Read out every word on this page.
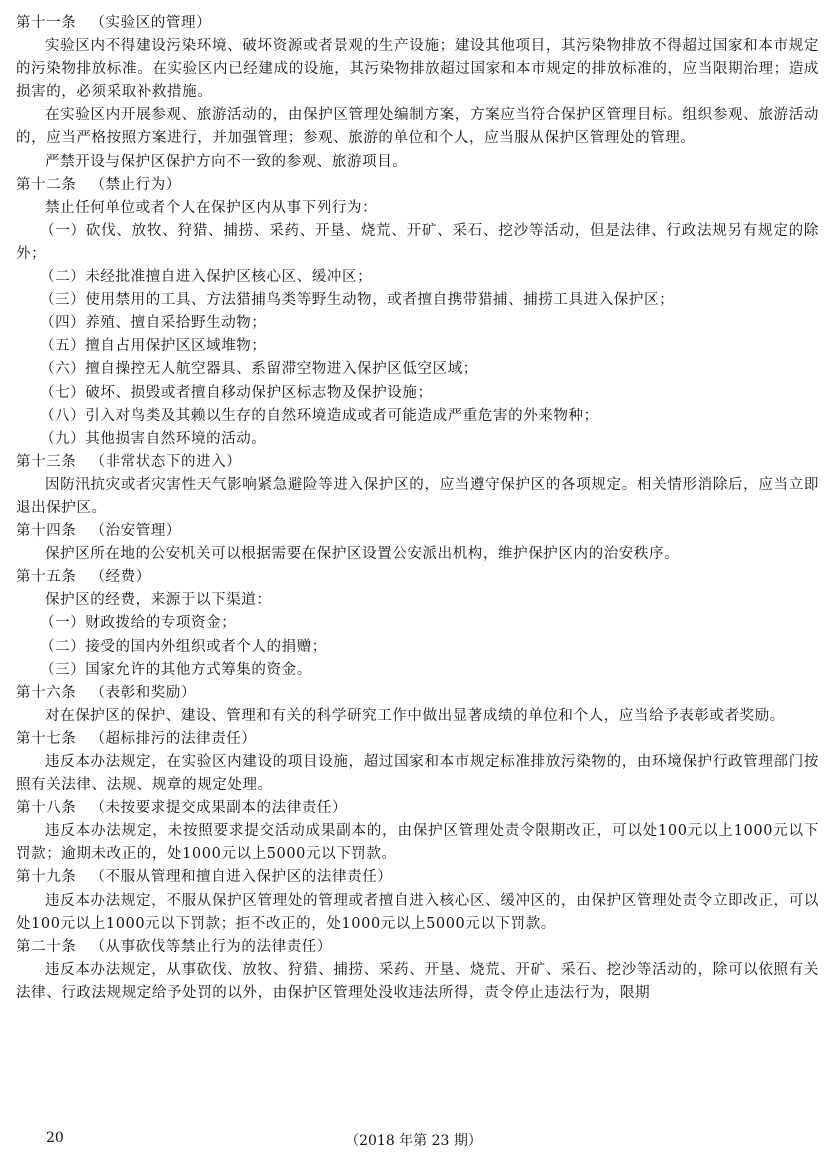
第十一条 （实验区的管理）

实验区内不得建设污染环境、破坏资源或者景观的生产设施；建设其他项目，其污染物排放不得超过国家和本市规定的污染物排放标准。在实验区内已经建成的设施，其污染物排放超过国家和本市规定的排放标准的，应当限期治理；造成损害的，必须采取补救措施。

在实验区内开展参观、旅游活动的，由保护区管理处编制方案，方案应当符合保护区管理目标。组织参观、旅游活动的，应当严格按照方案进行，并加强管理；参观、旅游的单位和个人，应当服从保护区管理处的管理。

严禁开设与保护区保护方向不一致的参观、旅游项目。

第十二条 （禁止行为）

禁止任何单位或者个人在保护区内从事下列行为：

（一）砍伐、放牧、狩猎、捕捞、采药、开垦、烧荒、开矿、采石、挖沙等活动，但是法律、行政法规另有规定的除外；

（二）未经批准擅自进入保护区核心区、缓冲区；

（三）使用禁用的工具、方法猎捕鸟类等野生动物，或者擅自携带猎捕、捕捞工具进入保护区；

（四）养殖、擅自采拾野生动物；

（五）擅自占用保护区区域堆物；

（六）擅自操控无人航空器具、系留滞空物进入保护区低空区域；

（七）破坏、损毁或者擅自移动保护区标志物及保护设施；

（八）引入对鸟类及其赖以生存的自然环境造成或者可能造成严重危害的外来物种；

（九）其他损害自然环境的活动。

第十三条 （非常状态下的进入）

因防汛抗灾或者灾害性天气影响紧急避险等进入保护区的，应当遵守保护区的各项规定。相关情形消除后，应当立即退出保护区。

第十四条 （治安管理）

保护区所在地的公安机关可以根据需要在保护区设置公安派出机构，维护保护区内的治安秩序。

第十五条 （经费）

保护区的经费，来源于以下渠道：

（一）财政拨给的专项资金；

（二）接受的国内外组织或者个人的捐赠；

（三）国家允许的其他方式筹集的资金。

第十六条 （表彰和奖励）

对在保护区的保护、建设、管理和有关的科学研究工作中做出显著成绩的单位和个人，应当给予表彰或者奖励。

第十七条 （超标排污的法律责任）

违反本办法规定，在实验区内建设的项目设施，超过国家和本市规定标准排放污染物的，由环境保护行政管理部门按照有关法律、法规、规章的规定处理。

第十八条 （未按要求提交成果副本的法律责任）

违反本办法规定，未按照要求提交活动成果副本的，由保护区管理处责令限期改正，可以处100元以上1000元以下罚款；逾期未改正的，处1000元以上5000元以下罚款。

第十九条 （不服从管理和擅自进入保护区的法律责任）

违反本办法规定，不服从保护区管理处的管理或者擅自进入核心区、缓冲区的，由保护区管理处责令立即改正，可以处100元以上1000元以下罚款；拒不改正的，处1000元以上5000元以下罚款。

第二十条 （从事砍伐等禁止行为的法律责任）

违反本办法规定，从事砍伐、放牧、狩猎、捕捞、采药、开垦、烧荒、开矿、采石、挖沙等活动的，除可以依照有关法律、行政法规规定给予处罚的以外，由保护区管理处没收违法所得，责令停止违法行为，限期

20	（2018 年第 23 期）
